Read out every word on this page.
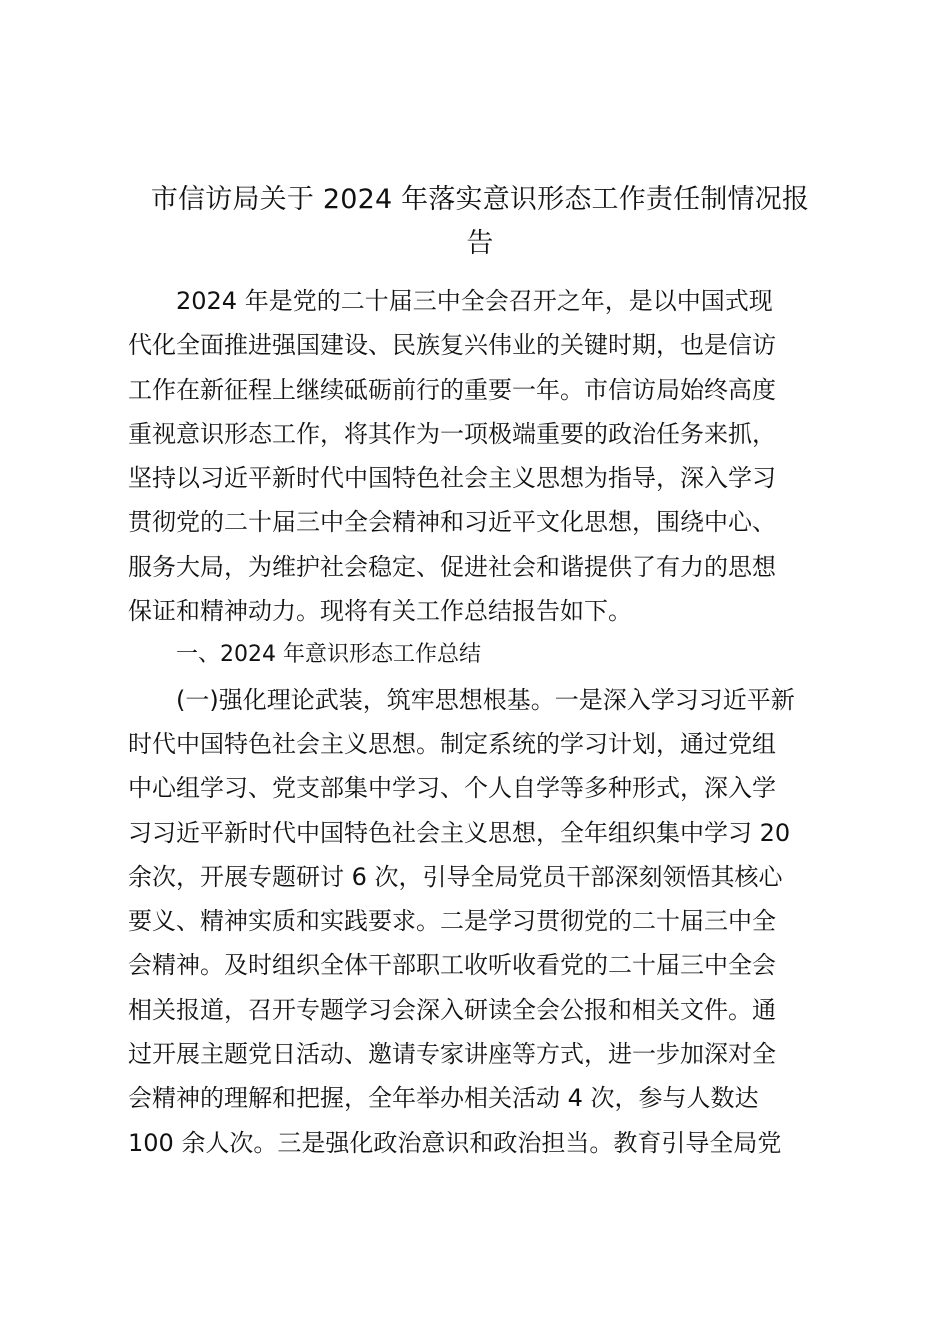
市信访局关于 2024 年落实意识形态工作责任制情况报
告

2024 年是党的二十届三中全会召开之年，是以中国式现
代化全面推进强国建设、民族复兴伟业的关键时期，也是信访
工作在新征程上继续砥砺前行的重要一年。市信访局始终高度
重视意识形态工作，将其作为一项极端重要的政治任务来抓，
坚持以习近平新时代中国特色社会主义思想为指导，深入学习
贯彻党的二十届三中全会精神和习近平文化思想，围绕中心、
服务大局，为维护社会稳定、促进社会和谐提供了有力的思想
保证和精神动力。现将有关工作总结报告如下。

一、2024 年意识形态工作总结

(一)强化理论武装，筑牢思想根基。一是深入学习习近平新
时代中国特色社会主义思想。制定系统的学习计划，通过党组
中心组学习、党支部集中学习、个人自学等多种形式，深入学
习习近平新时代中国特色社会主义思想，全年组织集中学习 20
余次，开展专题研讨 6 次，引导全局党员干部深刻领悟其核心
要义、精神实质和实践要求。二是学习贯彻党的二十届三中全
会精神。及时组织全体干部职工收听收看党的二十届三中全会
相关报道，召开专题学习会深入研读全会公报和相关文件。通
过开展主题党日活动、邀请专家讲座等方式，进一步加深对全
会精神的理解和把握，全年举办相关活动 4 次，参与人数达
100 余人次。三是强化政治意识和政治担当。教育引导全局党
